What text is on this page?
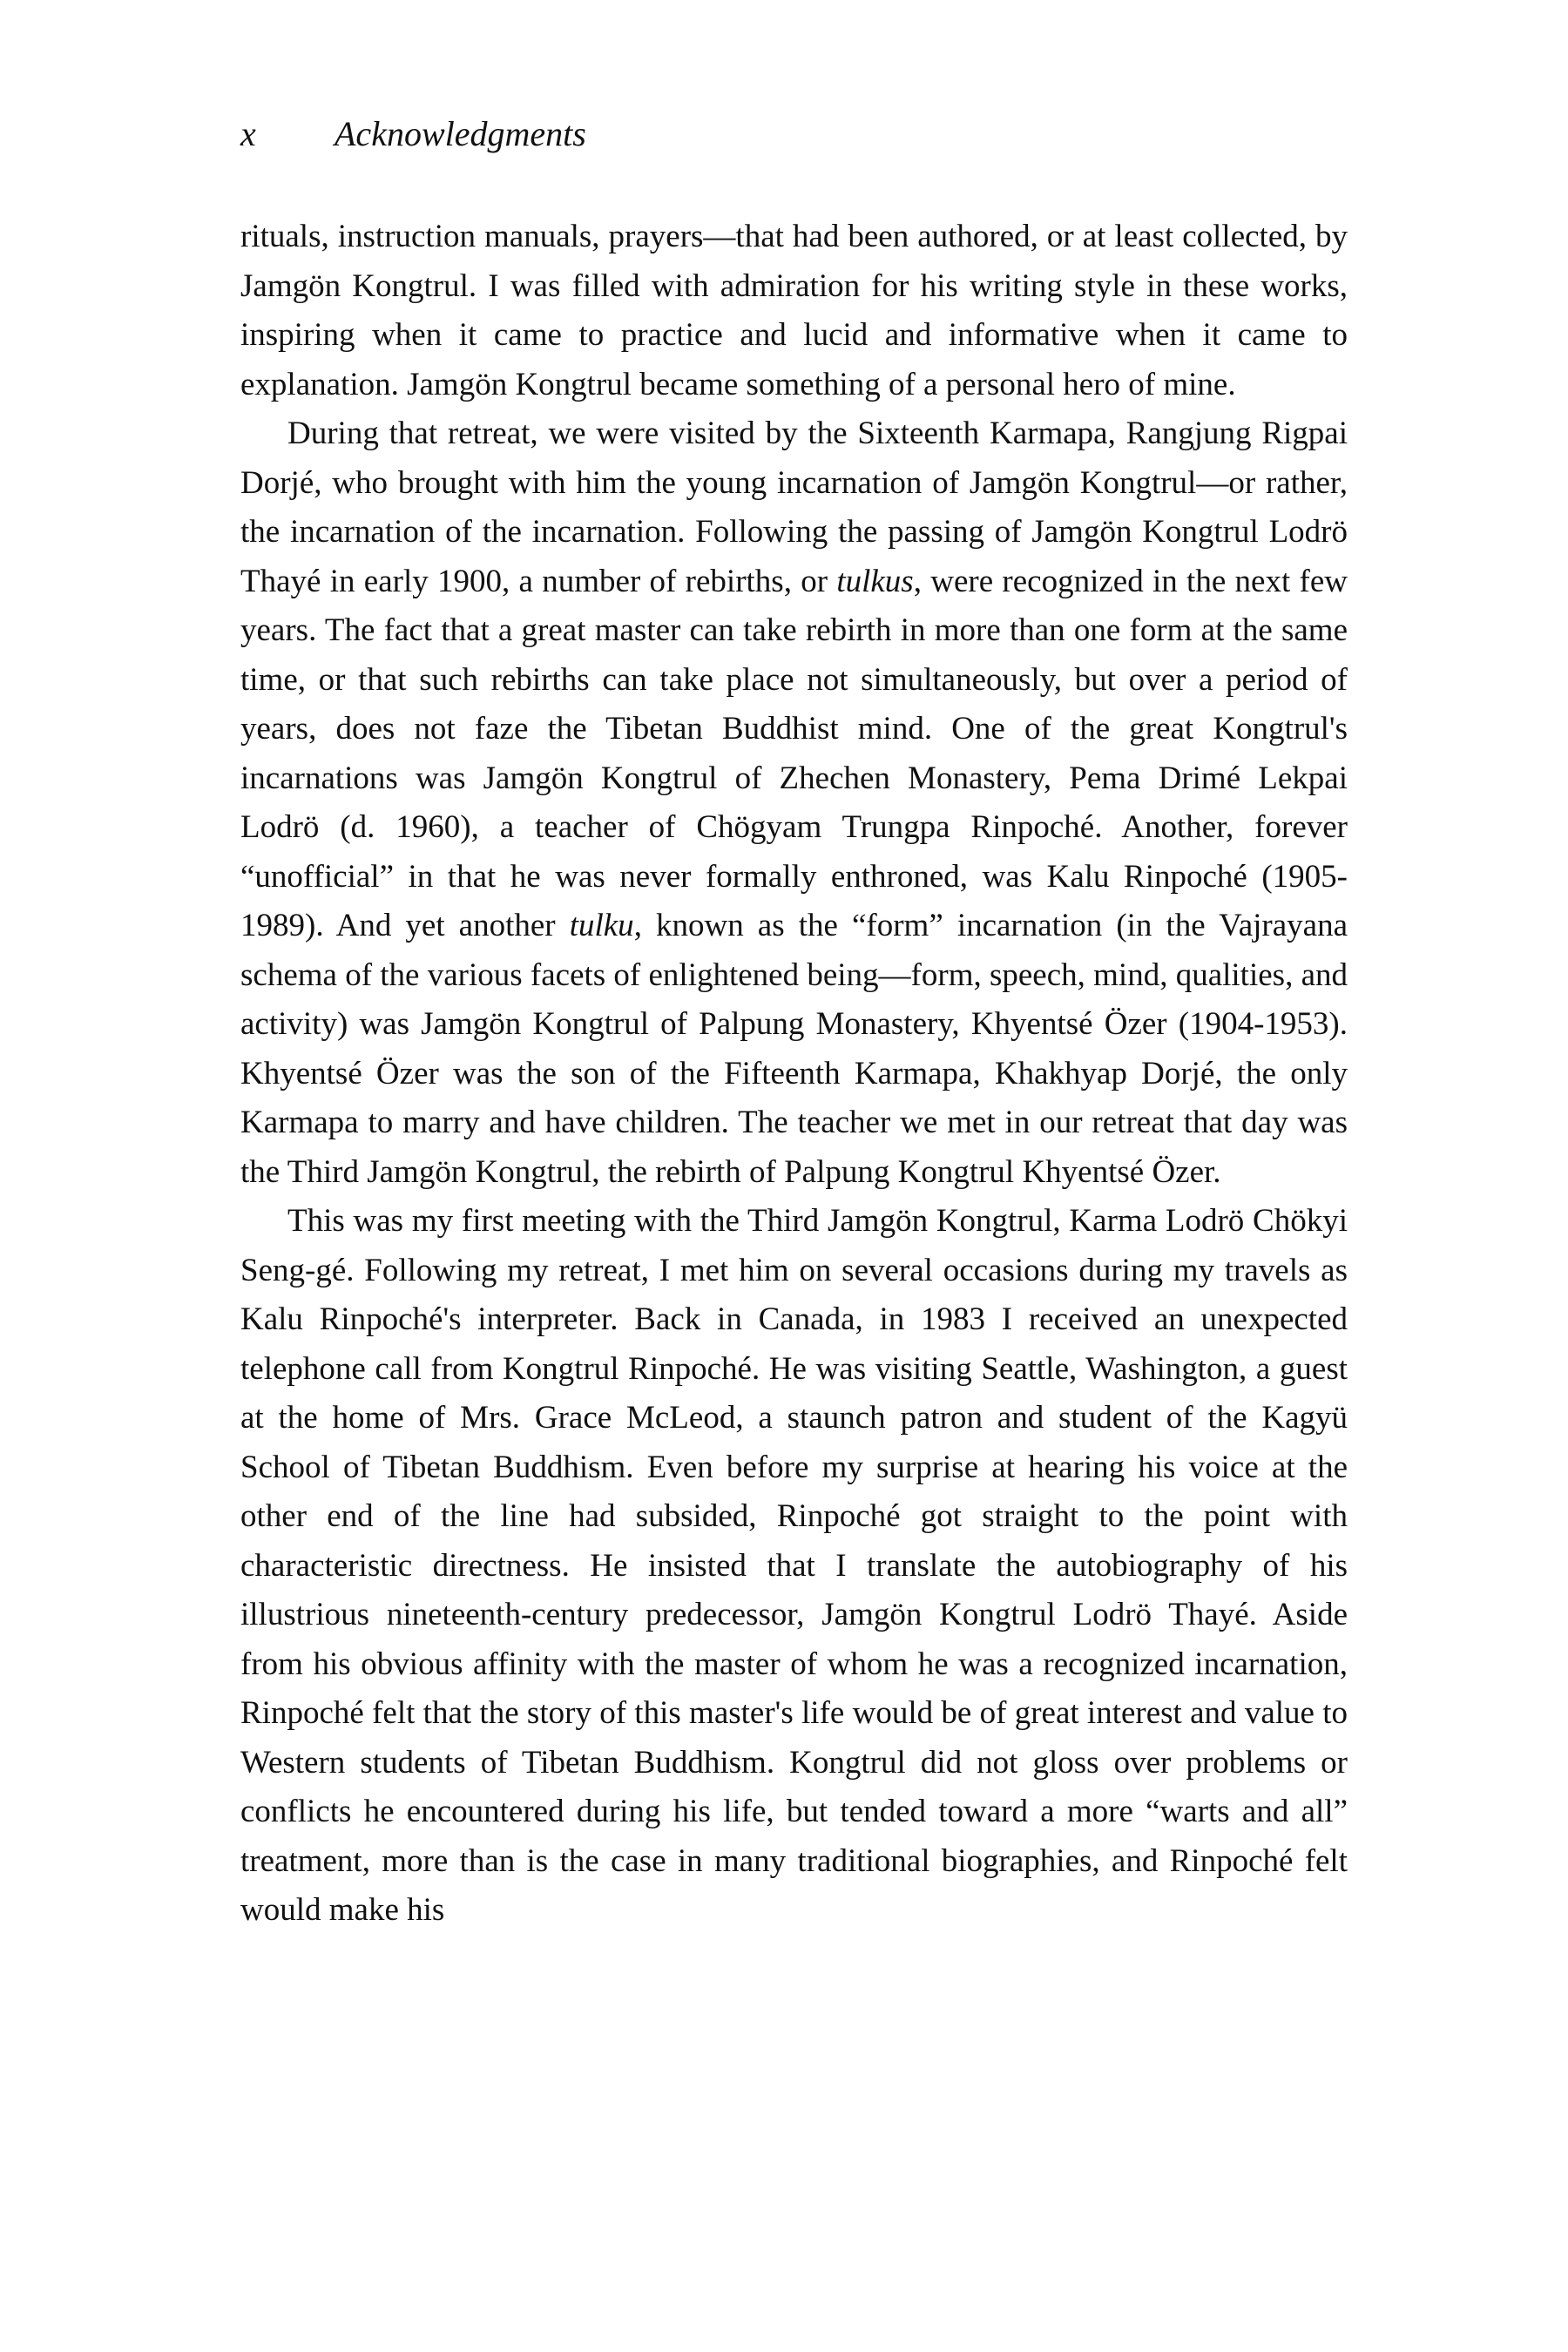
x Acknowledgments

rituals, instruction manuals, prayers—that had been authored, or at least collected, by Jamgön Kongtrul. I was filled with admiration for his writing style in these works, inspiring when it came to practice and lucid and informative when it came to explanation. Jamgön Kongtrul became something of a personal hero of mine.

During that retreat, we were visited by the Sixteenth Karmapa, Rangjung Rigpai Dorjé, who brought with him the young incarnation of Jamgön Kongtrul—or rather, the incarnation of the incarnation. Following the passing of Jamgön Kongtrul Lodrö Thayé in early 1900, a number of rebirths, or tulkus, were recognized in the next few years. The fact that a great master can take rebirth in more than one form at the same time, or that such rebirths can take place not simultaneously, but over a period of years, does not faze the Tibetan Buddhist mind. One of the great Kongtrul's incarnations was Jamgön Kongtrul of Zhechen Monastery, Pema Drimé Lekpai Lodrö (d. 1960), a teacher of Chögyam Trungpa Rinpoché. Another, forever “unofficial” in that he was never formally enthroned, was Kalu Rinpoché (1905-1989). And yet another tulku, known as the “form” incarnation (in the Vajrayana schema of the various facets of enlightened being—form, speech, mind, qualities, and activity) was Jamgön Kongtrul of Palpung Monastery, Khyentsé Özer (1904-1953). Khyentsé Özer was the son of the Fifteenth Karmapa, Khakhyap Dorjé, the only Karmapa to marry and have children. The teacher we met in our retreat that day was the Third Jamgön Kongtrul, the rebirth of Palpung Kongtrul Khyentsé Özer.

This was my first meeting with the Third Jamgön Kongtrul, Karma Lodrö Chökyi Seng-gé. Following my retreat, I met him on several occasions during my travels as Kalu Rinpoché's interpreter. Back in Canada, in 1983 I received an unexpected telephone call from Kongtrul Rinpoché. He was visiting Seattle, Washington, a guest at the home of Mrs. Grace McLeod, a staunch patron and student of the Kagyü School of Tibetan Buddhism. Even before my surprise at hearing his voice at the other end of the line had subsided, Rinpoché got straight to the point with characteristic directness. He insisted that I translate the autobiography of his illustrious nineteenth-century predecessor, Jamgön Kongtrul Lodrö Thayé. Aside from his obvious affinity with the master of whom he was a recognized incarnation, Rinpoché felt that the story of this master's life would be of great interest and value to Western students of Tibetan Buddhism. Kongtrul did not gloss over problems or conflicts he encountered during his life, but tended toward a more “warts and all” treatment, more than is the case in many traditional biographies, and Rinpoché felt would make his
